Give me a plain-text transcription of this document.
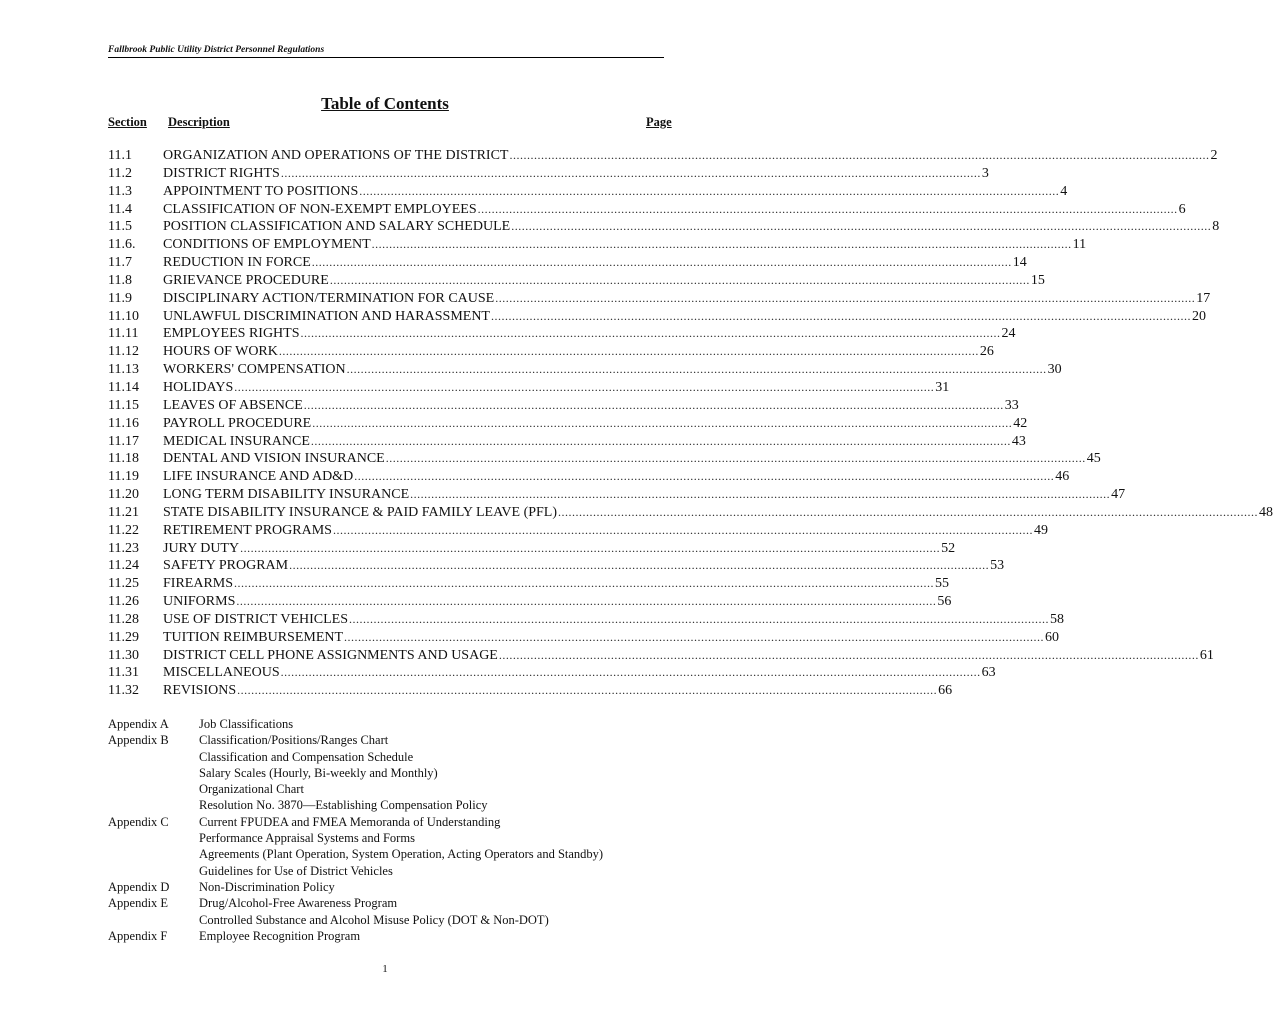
Fallbrook Public Utility District Personnel Regulations
Table of Contents
Section Description	Page
11.1	ORGANIZATION AND OPERATIONS OF THE DISTRICT ........................................................................................................................................................................................................ 2
11.2	DISTRICT RIGHTS ........................................................................................................................................................................................................ 3
11.3	APPOINTMENT TO POSITIONS ........................................................................................................................................................................................................ 4
11.4	CLASSIFICATION OF NON-EXEMPT EMPLOYEES ........................................................................................................................................................................................................ 6
11.5	POSITION CLASSIFICATION AND SALARY SCHEDULE ........................................................................................................................................................................................................ 8
11.6.	CONDITIONS OF EMPLOYMENT ........................................................................................................................................................................................................ 11
11.7	REDUCTION IN FORCE ........................................................................................................................................................................................................ 14
11.8	GRIEVANCE PROCEDURE ........................................................................................................................................................................................................ 15
11.9	DISCIPLINARY ACTION/TERMINATION FOR CAUSE ........................................................................................................................................................................................................ 17
11.10	UNLAWFUL DISCRIMINATION AND HARASSMENT ........................................................................................................................................................................................................ 20
11.11	EMPLOYEES RIGHTS ........................................................................................................................................................................................................ 24
11.12	HOURS OF WORK ........................................................................................................................................................................................................ 26
11.13	WORKERS' COMPENSATION ........................................................................................................................................................................................................ 30
11.14	HOLIDAYS ........................................................................................................................................................................................................ 31
11.15	LEAVES OF ABSENCE ........................................................................................................................................................................................................ 33
11.16	PAYROLL PROCEDURE ........................................................................................................................................................................................................ 42
11.17	MEDICAL INSURANCE ........................................................................................................................................................................................................ 43
11.18	DENTAL AND VISION INSURANCE ........................................................................................................................................................................................................ 45
11.19	LIFE INSURANCE AND AD&D ........................................................................................................................................................................................................ 46
11.20	LONG TERM DISABILITY INSURANCE ........................................................................................................................................................................................................ 47
11.21	STATE DISABILITY INSURANCE & PAID FAMILY LEAVE (PFL) ........................................................................................................................................................................................................ 48
11.22	RETIREMENT PROGRAMS ........................................................................................................................................................................................................ 49
11.23	JURY DUTY ........................................................................................................................................................................................................ 52
11.24	SAFETY PROGRAM ........................................................................................................................................................................................................ 53
11.25	FIREARMS ........................................................................................................................................................................................................ 55
11.26	UNIFORMS ........................................................................................................................................................................................................ 56
11.28	USE OF DISTRICT VEHICLES ........................................................................................................................................................................................................ 58
11.29	TUITION REIMBURSEMENT ........................................................................................................................................................................................................ 60
11.30	DISTRICT CELL PHONE ASSIGNMENTS AND USAGE ........................................................................................................................................................................................................ 61
11.31	MISCELLANEOUS ........................................................................................................................................................................................................ 63
11.32	REVISIONS ........................................................................................................................................................................................................ 66
Appendix A	Job Classifications
Appendix B	Classification/Positions/Ranges Chart
Classification and Compensation Schedule
Salary Scales (Hourly, Bi-weekly and Monthly)
Organizational Chart
Resolution No. 3870—Establishing Compensation Policy
Appendix C	Current FPUDEA and FMEA Memoranda of Understanding
Performance Appraisal Systems and Forms
Agreements (Plant Operation, System Operation, Acting Operators and Standby)
Guidelines for Use of District Vehicles
Appendix D	Non-Discrimination Policy
Appendix E	Drug/Alcohol-Free Awareness Program
Controlled Substance and Alcohol Misuse Policy (DOT & Non-DOT)
Appendix F	Employee Recognition Program
1
